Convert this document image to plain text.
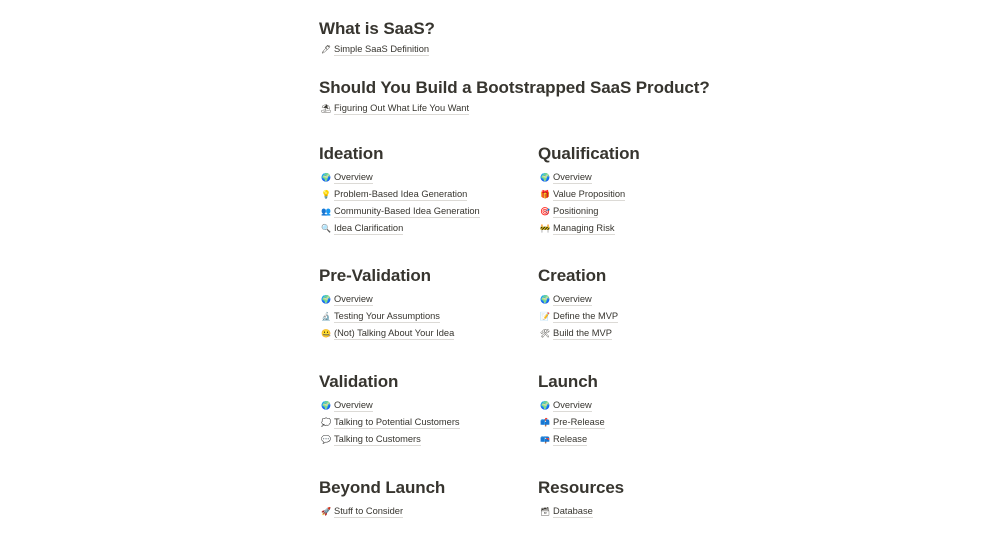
What is SaaS?
🖊 Simple SaaS Definition
Should You Build a Bootstrapped SaaS Product?
⛱ Figuring Out What Life You Want
Ideation
🌍 Overview
💡 Problem-Based Idea Generation
👥 Community-Based Idea Generation
🔍 Idea Clarification
Qualification
🌍 Overview
🎁 Value Proposition
🎯 Positioning
🚧 Managing Risk
Pre-Validation
🌍 Overview
🔬 Testing Your Assumptions
🤐 (Not) Talking About Your Idea
Creation
🌍 Overview
📝 Define the MVP
🛠 Build the MVP
Validation
🌍 Overview
💭 Talking to Potential Customers
💬 Talking to Customers
Launch
🌍 Overview
📫 Pre-Release
📪 Release
Beyond Launch
🚀 Stuff to Consider
Resources
🗃 Database
